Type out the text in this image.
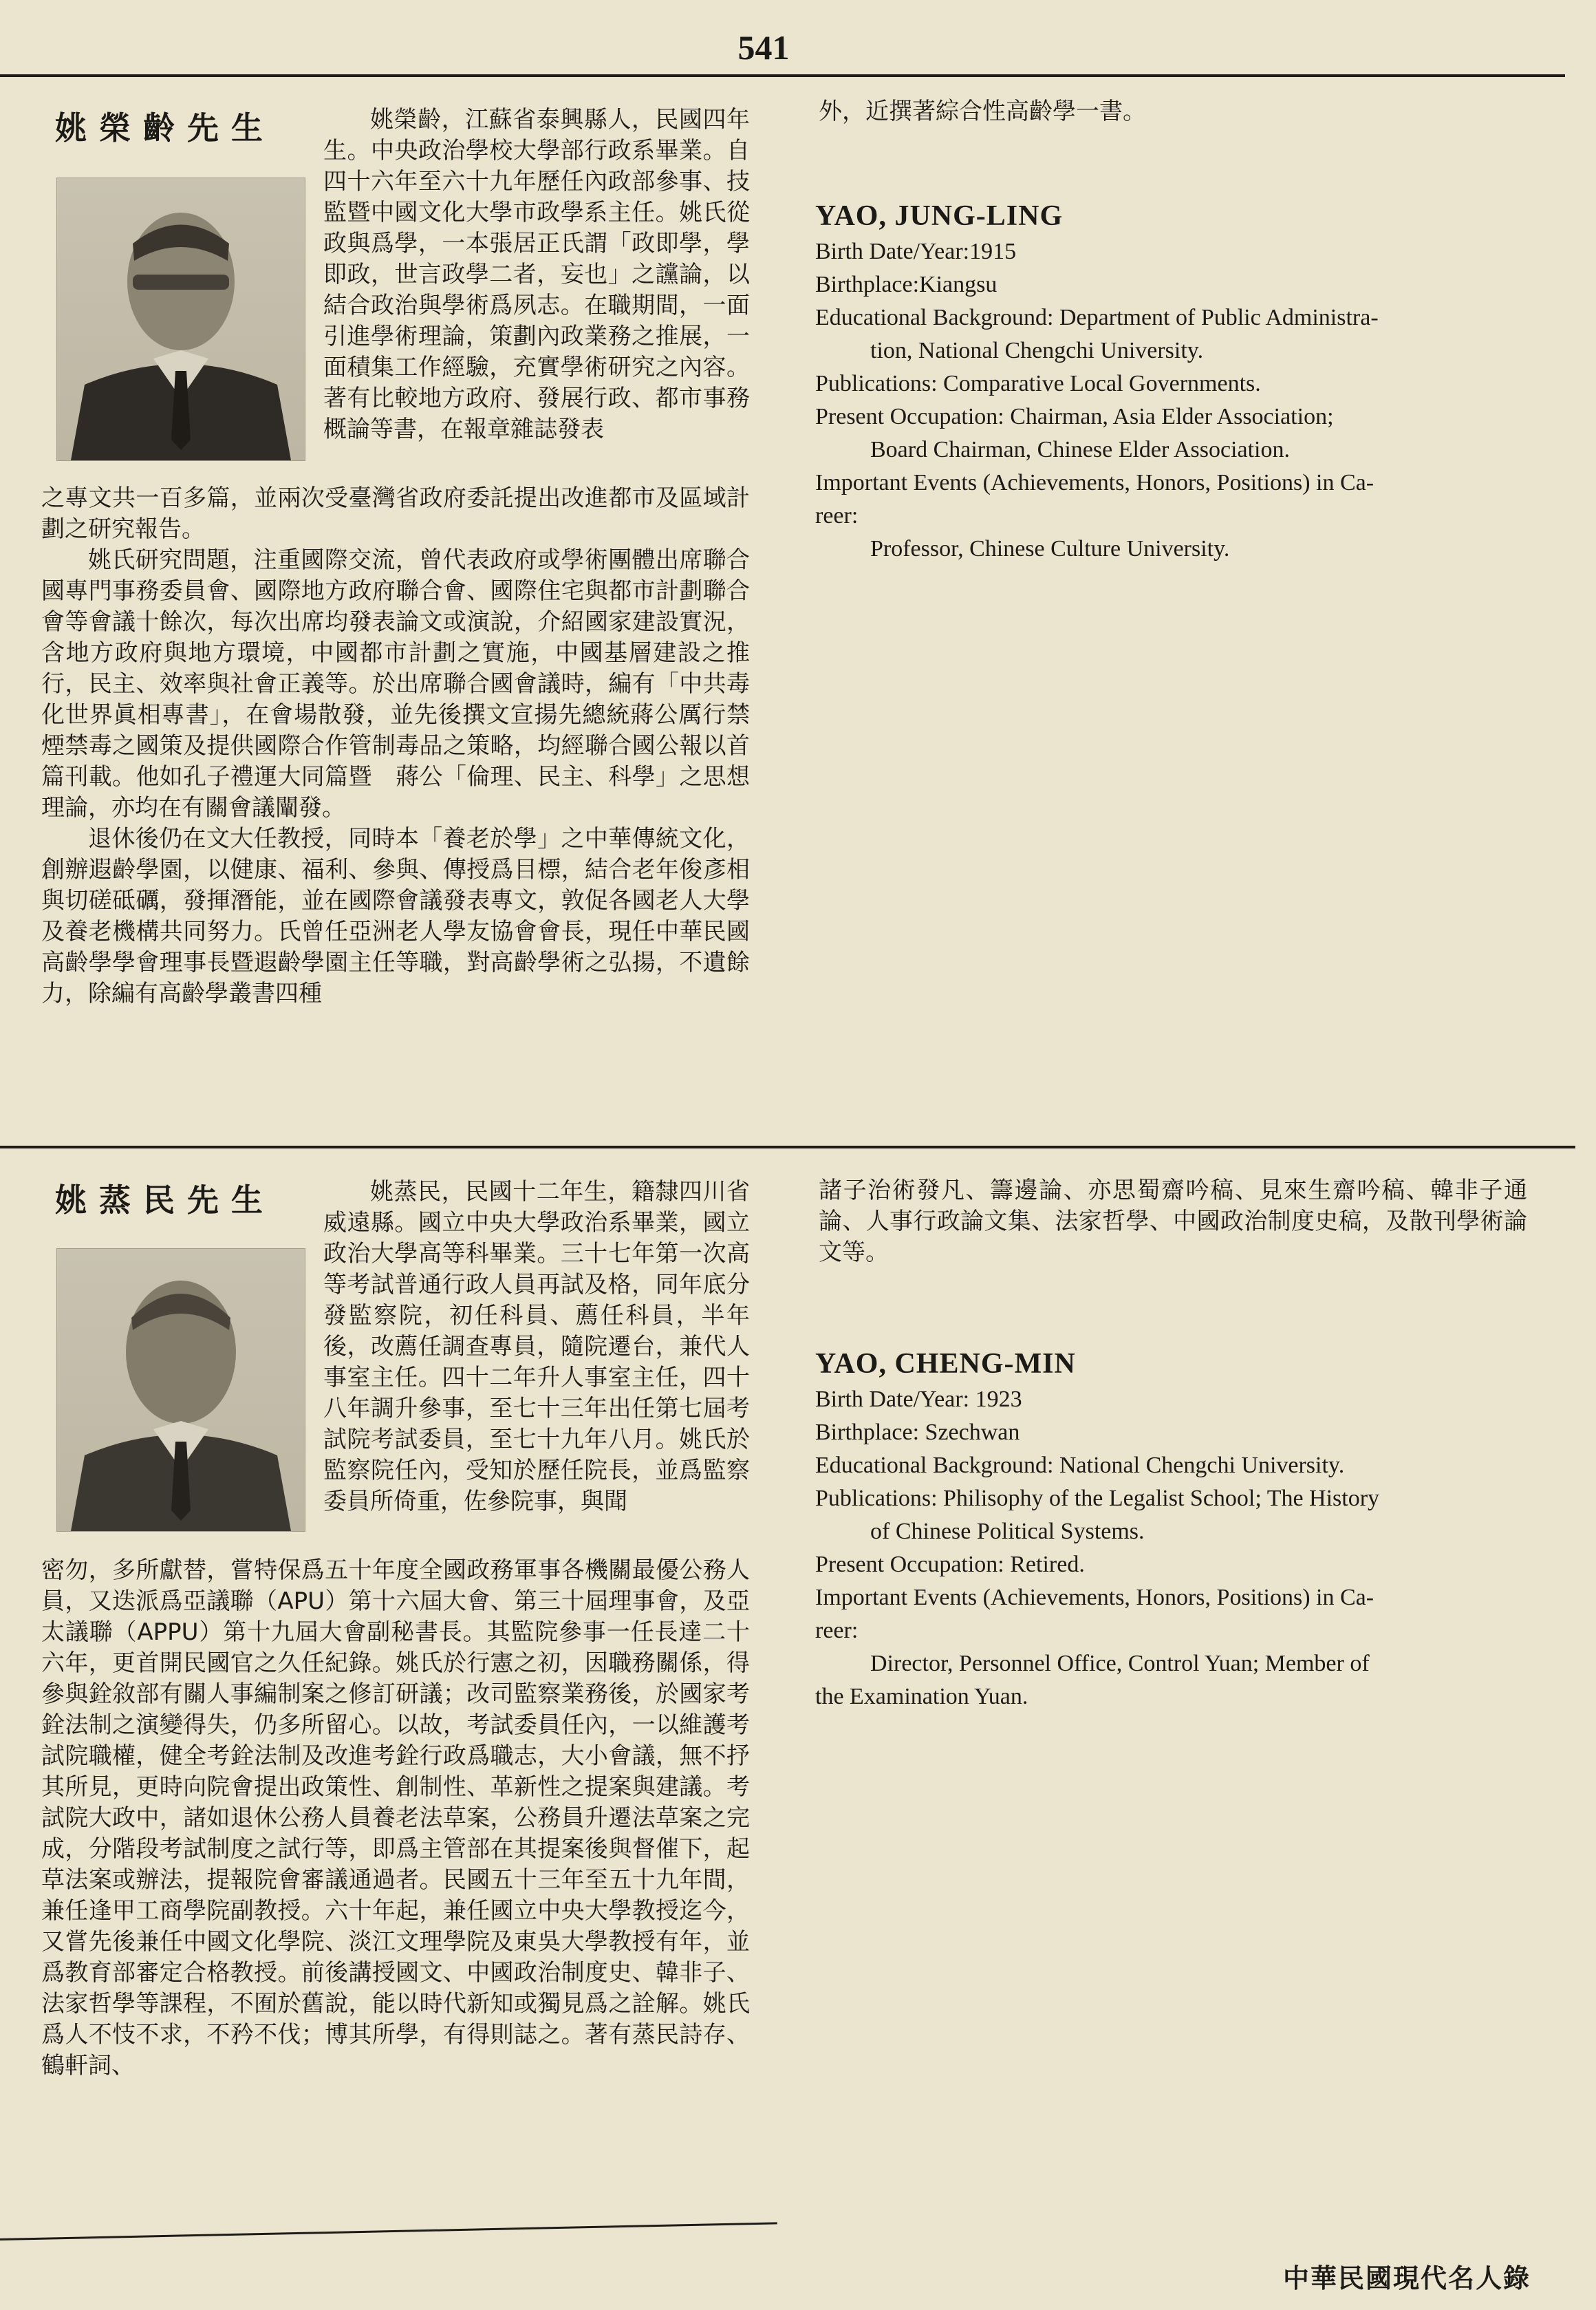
541
姚榮齡先生	姚榮齡，江蘇省泰興縣人，民國四年生。中央政治學校大學部行政系畢業。自四十六年至六十九年歷任內政部參事、技監暨中國文化大學市政學系主任。姚氏從政與爲學，一本張居正氏謂「政即學，學即政，世言政學二者，妄也」之讜論，以結合政治與學術爲夙志。在職期間，一面引進學術理論，策劃內政業務之推展，一面積集工作經驗，充實學術研究之內容。著有比較地方政府、發展行政、都市事務概論等書，在報章雜誌發表

之專文共一百多篇，並兩次受臺灣省政府委託提出改進都市及區域計劃之研究報告。

姚氏研究問題，注重國際交流，曾代表政府或學術團體出席聯合國專門事務委員會、國際地方政府聯合會、國際住宅與都市計劃聯合會等會議十餘次，每次出席均發表論文或演說，介紹國家建設實況，含地方政府與地方環境，中國都市計劃之實施，中國基層建設之推行，民主、效率與社會正義等。於出席聯合國會議時，編有「中共毒化世界眞相專書」，在會場散發，並先後撰文宣揚先總統蔣公厲行禁煙禁毒之國策及提供國際合作管制毒品之策略，均經聯合國公報以首篇刊載。他如孔子禮運大同篇暨　蔣公「倫理、民主、科學」之思想理論，亦均在有關會議闡發。

退休後仍在文大任教授，同時本「養老於學」之中華傳統文化，創辦遐齡學園，以健康、福利、參與、傳授爲目標，結合老年俊彥相與切磋砥礪，發揮潛能，並在國際會議發表專文，敦促各國老人大學及養老機構共同努力。氏曾任亞洲老人學友協會會長，現任中華民國高齡學學會理事長暨遐齡學園主任等職，對高齡學術之弘揚，不遺餘力，除編有高齡學叢書四種

外，近撰著綜合性高齡學一書。

YAO, JUNG-LING
Birth Date/Year:1915
Birthplace:Kiangsu
Educational Background: Department of Public Administra-
tion, National Chengchi University.
Publications: Comparative Local Governments.
Present Occupation: Chairman, Asia Elder Association;
Board Chairman, Chinese Elder Association.
Important Events (Achievements, Honors, Positions) in Ca-
reer:
Professor, Chinese Culture University.
姚蒸民先生	姚蒸民，民國十二年生，籍隸四川省威遠縣。國立中央大學政治系畢業，國立政治大學高等科畢業。三十七年第一次高等考試普通行政人員再試及格，同年底分發監察院，初任科員、薦任科員，半年後，改薦任調查專員，隨院遷台，兼代人事室主任。四十二年升人事室主任，四十八年調升參事，至七十三年出任第七屆考試院考試委員，至七十九年八月。姚氏於監察院任內，受知於歷任院長，並爲監察委員所倚重，佐參院事，與聞

密勿，多所獻替，嘗特保爲五十年度全國政務軍事各機關最優公務人員，又迭派爲亞議聯（APU）第十六屆大會、第三十屆理事會，及亞太議聯（APPU）第十九屆大會副秘書長。其監院參事一任長達二十六年，更首開民國官之久任紀錄。姚氏於行憲之初，因職務關係，得參與銓敘部有關人事編制案之修訂研議；改司監察業務後，於國家考銓法制之演變得失，仍多所留心。以故，考試委員任內，一以維護考試院職權，健全考銓法制及改進考銓行政爲職志，大小會議，無不抒其所見，更時向院會提出政策性、創制性、革新性之提案與建議。考試院大政中，諸如退休公務人員養老法草案，公務員升遷法草案之完成，分階段考試制度之試行等，即爲主管部在其提案後與督催下，起草法案或辦法，提報院會審議通過者。民國五十三年至五十九年間，兼任逢甲工商學院副教授。六十年起，兼任國立中央大學教授迄今，又嘗先後兼任中國文化學院、淡江文理學院及東吳大學教授有年，並爲教育部審定合格教授。前後講授國文、中國政治制度史、韓非子、法家哲學等課程，不囿於舊說，能以時代新知或獨見爲之詮解。姚氏爲人不忮不求，不矜不伐；博其所學，有得則誌之。著有蒸民詩存、鶴軒詞、

諸子治術發凡、籌邊論、亦思蜀齋吟稿、見來生齋吟稿、韓非子通論、人事行政論文集、法家哲學、中國政治制度史稿，及散刊學術論文等。

YAO, CHENG-MIN
Birth Date/Year: 1923
Birthplace: Szechwan
Educational Background: National Chengchi University.
Publications: Philisophy of the Legalist School; The History
of Chinese Political Systems.
Present Occupation: Retired.
Important Events (Achievements, Honors, Positions) in Ca-
reer:
Director, Personnel Office, Control Yuan; Member of
the Examination Yuan.
中華民國現代名人錄
